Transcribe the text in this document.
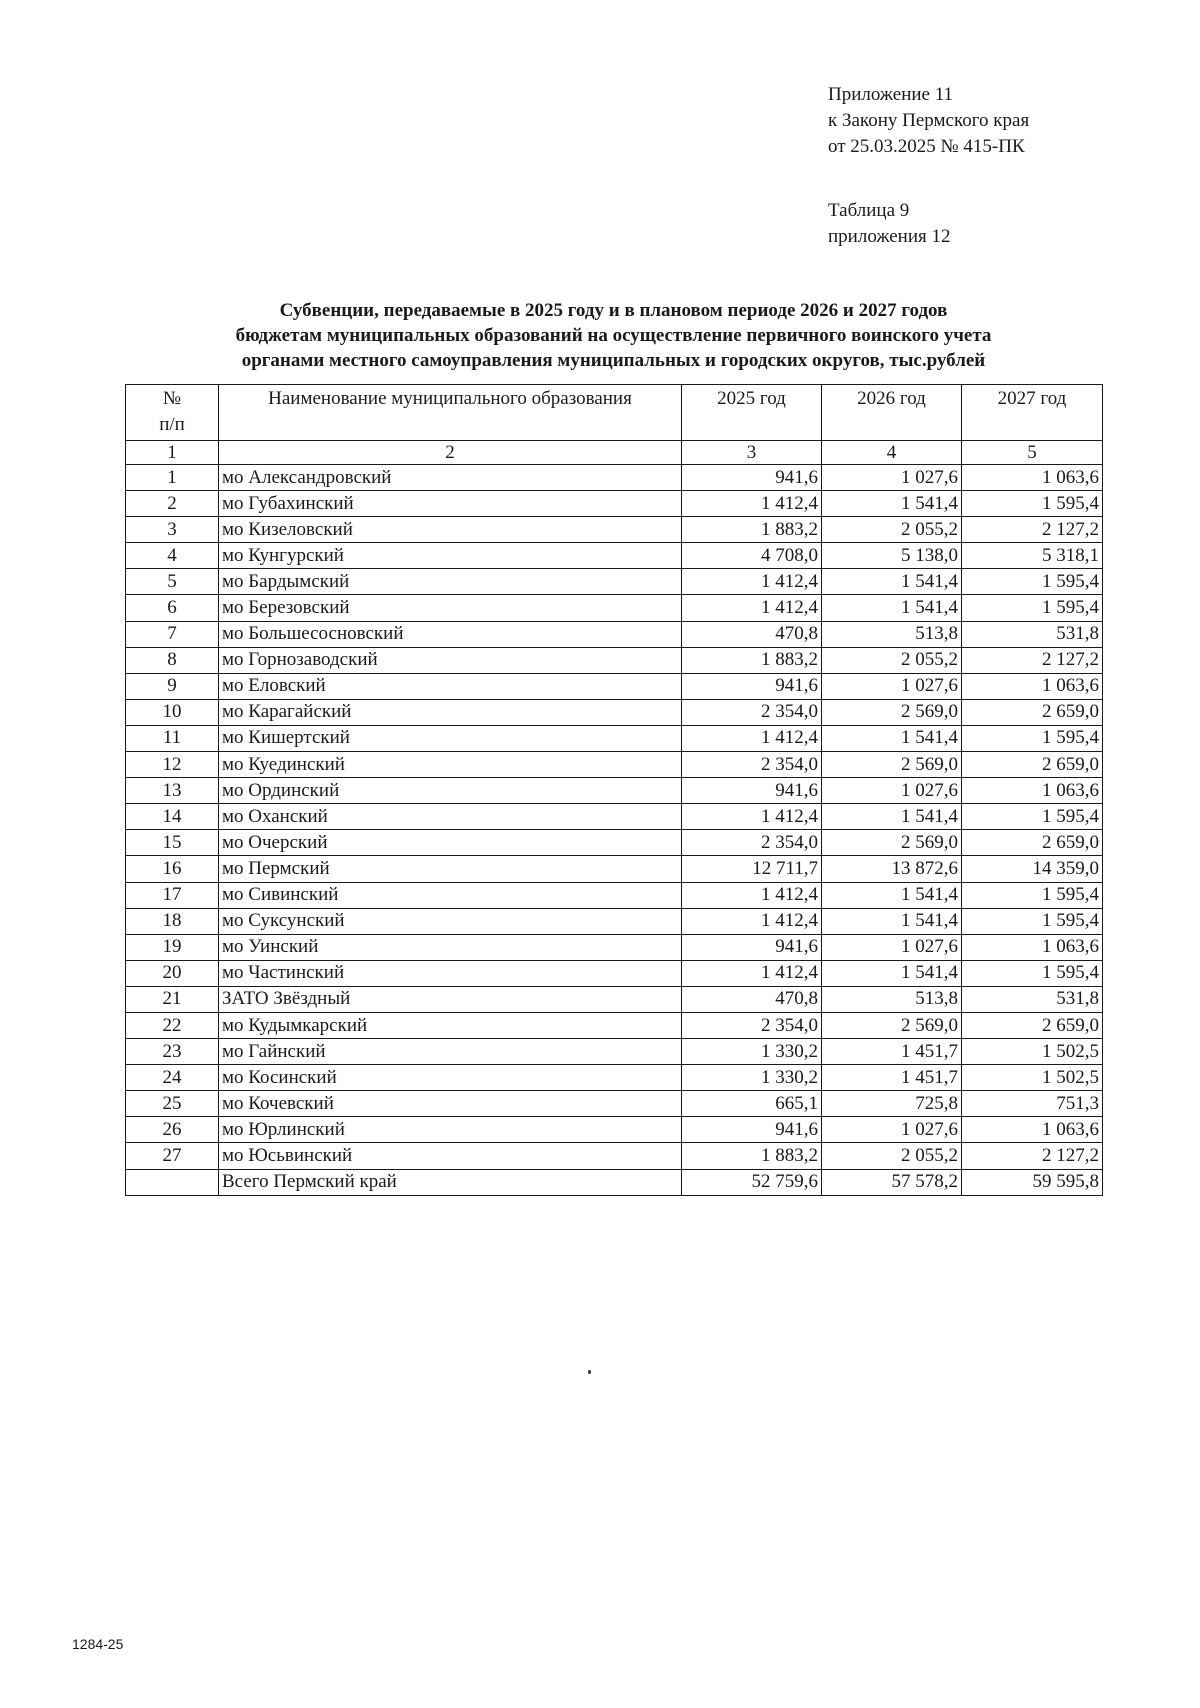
Приложение 11
к Закону Пермского края
от 25.03.2025 № 415-ПК
Таблица 9
приложения 12
Субвенции, передаваемые в 2025 году и в плановом периоде 2026 и 2027 годов
бюджетам муниципальных образований на осуществление первичного воинского учета
органами местного самоуправления муниципальных и городских округов, тыс.рублей
№
п/п	Наименование муниципального образования	2025 год	2026 год	2027 год
1	2	3	4	5
1	мо Александровский	941,6	1 027,6	1 063,6
2	мо Губахинский	1 412,4	1 541,4	1 595,4
3	мо Кизеловский	1 883,2	2 055,2	2 127,2
4	мо Кунгурский	4 708,0	5 138,0	5 318,1
5	мо Бардымский	1 412,4	1 541,4	1 595,4
6	мо Березовский	1 412,4	1 541,4	1 595,4
7	мо Большесосновский	470,8	513,8	531,8
8	мо Горнозаводский	1 883,2	2 055,2	2 127,2
9	мо Еловский	941,6	1 027,6	1 063,6
10	мо Карагайский	2 354,0	2 569,0	2 659,0
11	мо Кишертский	1 412,4	1 541,4	1 595,4
12	мо Куединский	2 354,0	2 569,0	2 659,0
13	мо Ординский	941,6	1 027,6	1 063,6
14	мо Оханский	1 412,4	1 541,4	1 595,4
15	мо Очерский	2 354,0	2 569,0	2 659,0
16	мо Пермский	12 711,7	13 872,6	14 359,0
17	мо Сивинский	1 412,4	1 541,4	1 595,4
18	мо Суксунский	1 412,4	1 541,4	1 595,4
19	мо Уинский	941,6	1 027,6	1 063,6
20	мо Частинский	1 412,4	1 541,4	1 595,4
21	ЗАТО Звёздный	470,8	513,8	531,8
22	мо Кудымкарский	2 354,0	2 569,0	2 659,0
23	мо Гайнский	1 330,2	1 451,7	1 502,5
24	мо Косинский	1 330,2	1 451,7	1 502,5
25	мо Кочевский	665,1	725,8	751,3
26	мо Юрлинский	941,6	1 027,6	1 063,6
27	мо Юсьвинский	1 883,2	2 055,2	2 127,2
	Всего Пермский край	52 759,6	57 578,2	59 595,8
1284-25
